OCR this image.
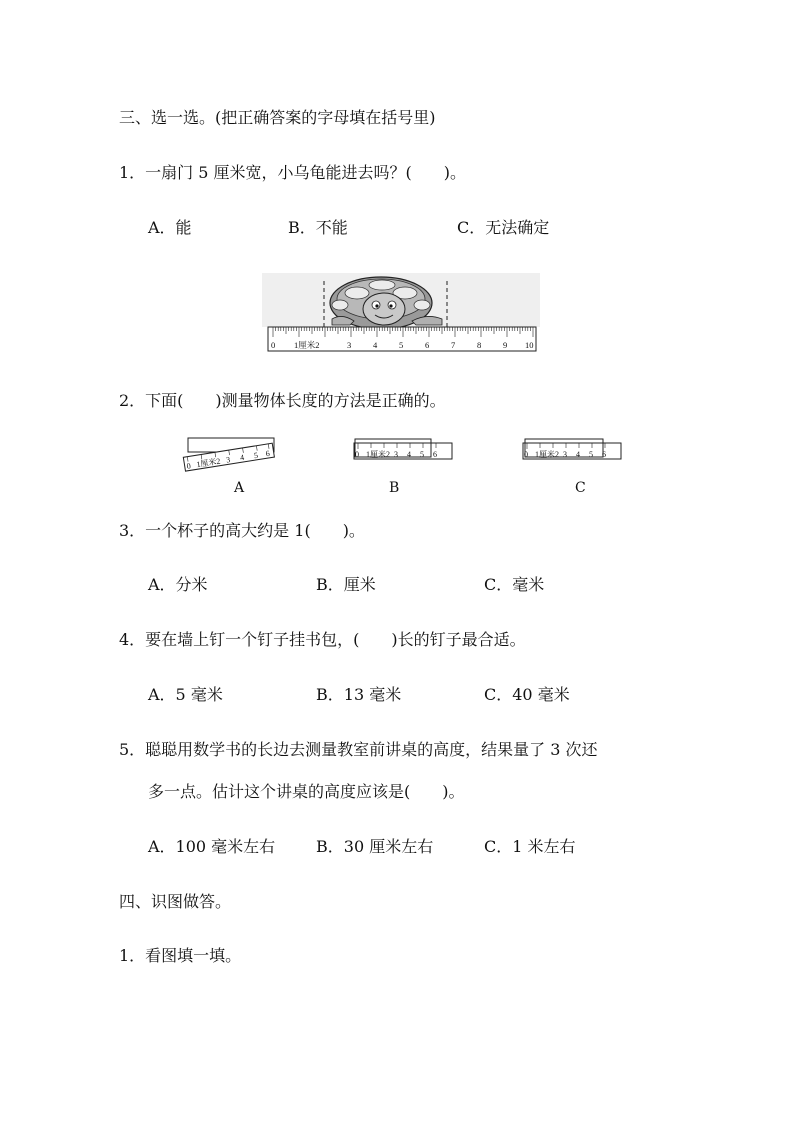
三、选一选。(把正确答案的字母填在括号里)
1．一扇门 5 厘米宽，小乌龟能进去吗？(　　)。
A．能	B．不能	C．无法确定
0 1厘米2	3	4	5	6	7	8	9 10
2．下面(　　)测量物体长度的方法是正确的。
0 1厘米2 3 4 5 6	0 1厘米2 3 4 5 6	0 1厘米2 3 4 5 6
A	B	C
3．一个杯子的高大约是 1(　　)。
A．分米	B．厘米	C．毫米
4．要在墙上钉一个钉子挂书包，(　　)长的钉子最合适。
A．5 毫米	B．13 毫米	C．40 毫米
5．聪聪用数学书的长边去测量教室前讲桌的高度，结果量了 3 次还
多一点。估计这个讲桌的高度应该是(　　)。
A．100 毫米左右	B．30 厘米左右	C．1 米左右
四、识图做答。
1．看图填一填。
